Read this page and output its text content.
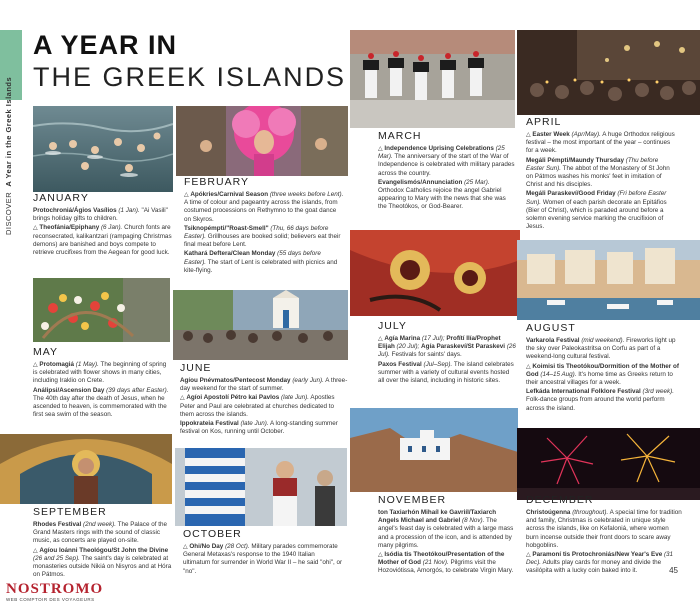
DISCOVER  A Year in the Greek Islands
A YEAR IN
THE GREEK ISLANDS
JANUARY

Protochroniá/Ágios Vasílios (1 Jan). "Ai Vasili" brings holiday gifts to children.

△ Theofánia/Epiphany (6 Jan). Church fonts are reconsecrated, kalikantzari (rampaging Christmas demons) are banished and boys compete to retrieve crucifixes from the Aegean for good luck.

FEBRUARY

△ Apókries/Carnival Season (three weeks before Lent). A time of colour and pageantry across the islands, from costumed processions on Rethymno to the goat dance on Skyros.

Tsiknopémpti/"Roast-Smell" (Thu, 66 days before Easter). Grillhouses are booked solid; believers eat their final meat before Lent.

Kathará Deftera/Clean Monday (55 days before Easter). The start of Lent is celebrated with picnics and kite-flying.

MARCH

△ Independence Uprising Celebrations (25 Mar). The anniversary of the start of the War of Independence is celebrated with military parades across the country.

Evangelismós/Annunciation (25 Mar). Orthodox Catholics rejoice the angel Gabriel appearing to Mary with the news that she was the Theotókos, or God-Bearer.

APRIL

△ Easter Week (Apr/May). A huge Orthodox religious festival – the most important of the year – continues for a week.

Megáli Pémpti/Maundy Thursday (Thu before Easter Sun). The abbot of the Monastery of St John on Pátmos washes his monks' feet in imitation of Christ and his disciples.

Megáli Paraskeví/Good Friday (Fri before Easter Sun). Women of each parish decorate an Epitáfios (Bier of Christ), which is paraded around before a solemn evening service marking the crucifixion of Jesus.

MAY

△ Protomagiá (1 May). The beginning of spring is celebrated with flower shows in many cities, including Iraklio on Crete.

Análipsi/Ascension Day (39 days after Easter). The 40th day after the death of Jesus, when he ascended to heaven, is commemorated with the first sea swim of the season.

JUNE

Agíou Pnévmatos/Pentecost Monday (early Jun). A three-day weekend for the start of summer.

△ Agíoi Apostolí Pétro kai Pavlos (late Jun). Apostles Peter and Paul are celebrated at churches dedicated to them across the islands.

Ippokrateia Festival (late Jun). A long-standing summer festival on Kos, running until October.

JULY

△ Agía Marina (17 Jul); Profítí Ilía/Prophet Elijah (20 Jul); Agía Paraskeví/St Paraskevi (26 Jul). Festivals for saints' days.

Paxos Festival (Jul–Sep). The island celebrates summer with a variety of cultural events hosted all over the island, including in historic sites.

AUGUST

Varkarola Festival (mid weekend). Fireworks light up the sky over Paleokastritsa on Corfu as part of a weekend-long cultural festival.

△ Koimisi tis Theotókou/Dormition of the Mother of God (14–15 Aug). It's home time as Greeks return to their ancestral villages for a week.

Lefkáda International Folklore Festival (3rd week). Folk-dance groups from around the world perform across the island.

SEPTEMBER

Rhodes Festival (2nd week). The Palace of the Grand Masters rings with the sound of classic music, as concerts are played on-site.

△ Agíou Ioánni Theológou/St John the Divine (26 and 25 Sep). The saint's day is celebrated at monasteries outside Nikiá on Nisyros and at Hóra on Pátmos.

OCTOBER

△ Ohi/No Day (28 Oct). Military parades commemorate General Metaxas's response to the 1940 Italian ultimatum for surrender in World War II – he said "ohi", or "no".

NOVEMBER

ton Taxiarhón Mihaíl ke Gavriíl/Taxiarch Angels Michael and Gabriel (8 Nov). The angel's feast day is celebrated with a large mass and a procession of the icon, and is attended by many pilgrims.

△ Isódia tis Theotókou/Presentation of the Mother of God (21 Nov). Pilgrims visit the Hozoviótissa, Amorgós, to celebrate Virgin Mary.

DECEMBER

Christoúgenna (throughout). A special time for tradition and family, Christmas is celebrated in unique style across the islands, like on Kefaloniá, where women burn incense outside their front doors to scare away hobgoblins.

△ Paramoní tis Protochroniás/New Year's Eve (31 Dec). Adults play cards for money and divide the vasilópita with a lucky coin baked into it.	45
NOSTROMO
WEB COMPTOIR DES VOYAGEURS
